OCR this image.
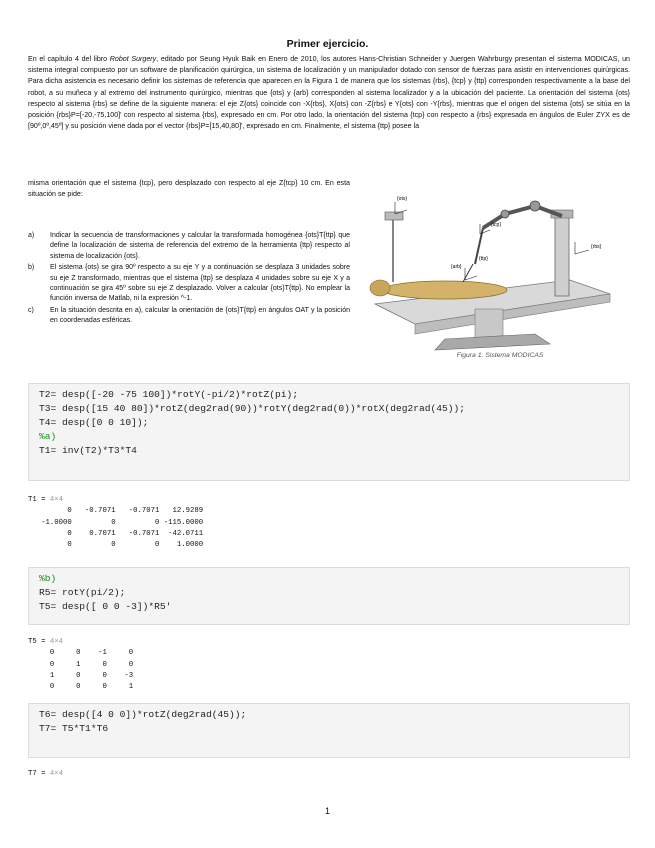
Primer ejercicio.

En el capítulo 4 del libro Robot Surgery, editado por Seung Hyuk Baik en Enero de 2010, los autores Hans-Christian Schneider y Juergen Wahrburgy presentan el sistema MODICAS, un sistema integral compuesto por un software de planificación quirúrgica, un sistema de localización y un manipulador dotado con sensor de fuerzas para asistir en intervenciones quirúrgicas. Para dicha asistencia es necesario definir los sistemas de referencia que aparecen en la Figura 1 de manera que los sistemas {rbs}, {tcp} y {ttp} corresponden respectivamente a la base del robot, a su muñeca y al extremo del instrumento quirúrgico, mientras que {ots} y {arb} corresponden al sistema localizador y a la ubicación del paciente. La orientación del sistema {ots} respecto al sistema {rbs} se define de la siguiente manera: el eje Z{ots} coincide con -X{rbs}, X{ots} con -Z{rbs} e Y{ots} con -Y{rbs}, mientras que el origen del sistema {ots} se sitúa en la posición {rbs}P=[-20,-75,100]' con respecto al sistema {rbs}, expresado en cm. Por otro lado, la orientación del sistema {tcp} con respecto a {rbs} expresada en ángulos de Euler ZYX es de [90º,0º,45º] y su posición viene dada por el vector {rbs}P=[15,40,80]', expresado en cm. Finalmente, el sistema {ttp} posee la

misma orientación que el sistema {tcp}, pero desplazado con respecto al eje Z{tcp} 10 cm. En esta situación se pide:

a)	Indicar la secuencia de transformaciones y calcular la transformada homogénea {ots}T{ttp} que define la localización de sistema de referencia del extremo de la herramienta {ttp} respecto al sistema de localización {ots}.
b)	El sistema {ots} se gira 90º respecto a su eje Y y a continuación se desplaza 3 unidades sobre su eje Z transformado, mientras que el sistema {ttp} se desplaza 4 unidades sobre su eje X y a continuación se gira 45º sobre su eje Z desplazado. Volver a calcular {ots}T{ttp}. No emplear la función inversa de Matlab, ni la expresión ^-1.
c)	En la situación descrita en a), calcular la orientación de {ots}T{ttp} en ángulos OAT y la posición en coordenadas esféricas.
{ots}
{arb}
{tcp}
{ttp}
{rbs}
Figura 1. Sistema MODICAS
T2= desp([-20 -75 100])*rotY(-pi/2)*rotZ(pi);
T3= desp([15 40 80])*rotZ(deg2rad(90))*rotY(deg2rad(0))*rotX(deg2rad(45));
T4= desp([0 0 10]);
%a)
T1= inv(T2)*T3*T4
T1 = 4×4
0   -0.7071   -0.7071   12.9289
-1.0000         0         0 -115.0000
0    0.7071   -0.7071  -42.0711
0         0         0    1.0000
%b)
R5= rotY(pi/2);
T5= desp([ 0 0 -3])*R5'
T5 = 4×4
0     0    -1     0
0     1     0     0
1     0     0    -3
0     0     0     1
T6= desp([4 0 0])*rotZ(deg2rad(45));
T7= T5*T1*T6
T7 = 4×4
1
